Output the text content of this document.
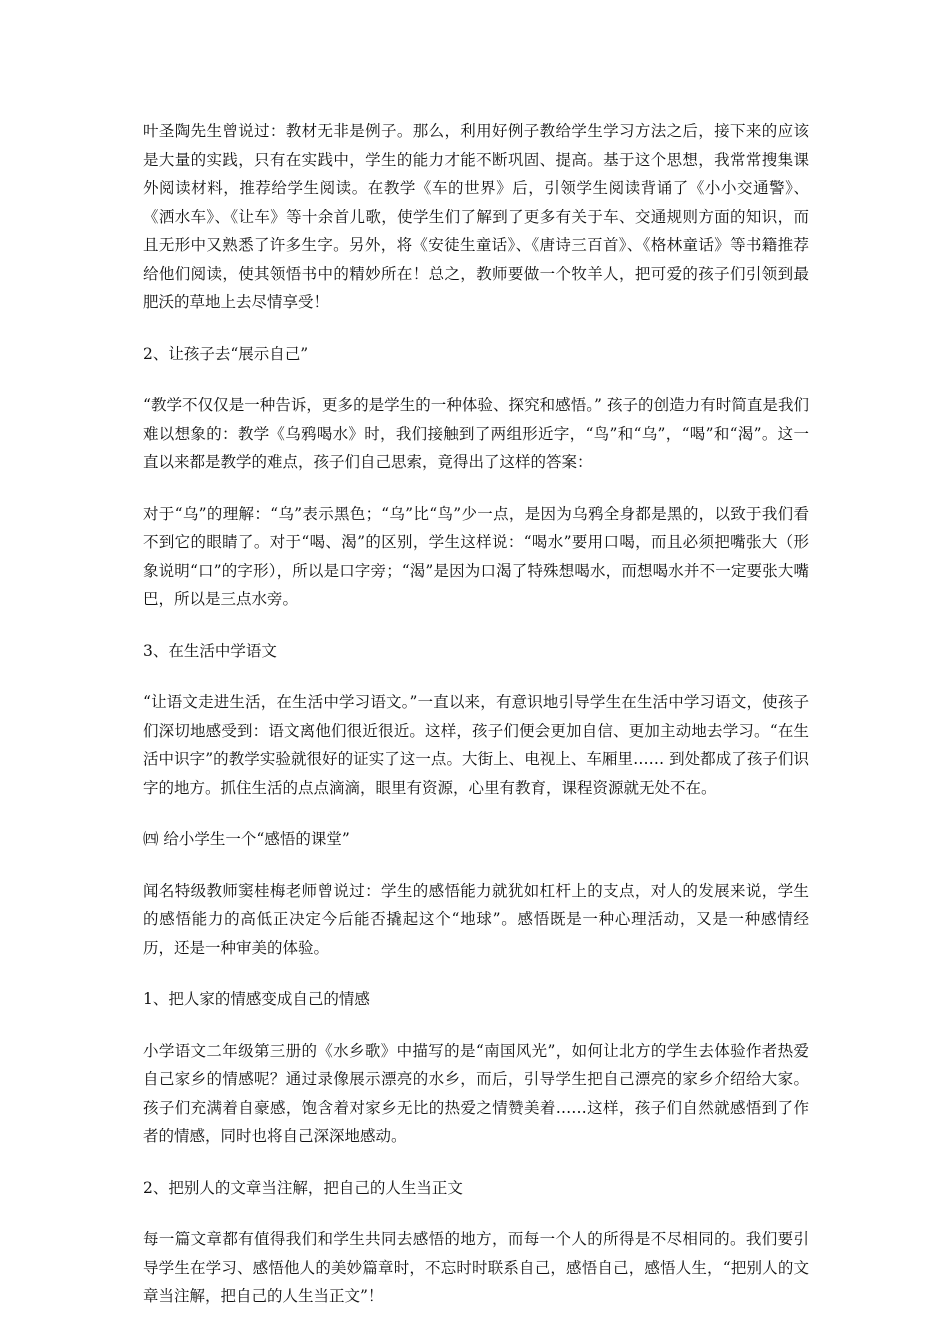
叶圣陶先生曾说过：教材无非是例子。那么，利用好例子教给学生学习方法之后，接下来的应该是大量的实践，只有在实践中，学生的能力才能不断巩固、提高。基于这个思想，我常常搜集课外阅读材料，推荐给学生阅读。在教学《车的世界》后，引领学生阅读背诵了《小小交通警》、《洒水车》、《让车》等十余首儿歌，使学生们了解到了更多有关于车、交通规则方面的知识，而且无形中又熟悉了许多生字。另外，将《安徒生童话》、《唐诗三百首》、《格林童话》等书籍推荐给他们阅读，使其领悟书中的精妙所在！总之，教师要做一个牧羊人，把可爱的孩子们引领到最肥沃的草地上去尽情享受！

2、让孩子去“展示自己”

“教学不仅仅是一种告诉，更多的是学生的一种体验、探究和感悟。” 孩子的创造力有时简直是我们难以想象的：教学《乌鸦喝水》时，我们接触到了两组形近字，“鸟”和“乌”，“喝”和“渴”。这一直以来都是教学的难点，孩子们自己思索，竟得出了这样的答案：

对于“乌”的理解：“乌”表示黑色；“乌”比“鸟”少一点，是因为乌鸦全身都是黑的，以致于我们看不到它的眼睛了。对于“喝、渴”的区别，学生这样说：“喝水”要用口喝，而且必须把嘴张大（形象说明“口”的字形），所以是口字旁；“渴”是因为口渴了特殊想喝水，而想喝水并不一定要张大嘴巴，所以是三点水旁。

3、在生活中学语文

“让语文走进生活，在生活中学习语文。”一直以来，有意识地引导学生在生活中学习语文，使孩子们深切地感受到：语文离他们很近很近。这样，孩子们便会更加自信、更加主动地去学习。“在生活中识字”的教学实验就很好的证实了这一点。大街上、电视上、车厢里…… 到处都成了孩子们识字的地方。抓住生活的点点滴滴，眼里有资源，心里有教育，课程资源就无处不在。

㈣ 给小学生一个“感悟的课堂”

闻名特级教师窦桂梅老师曾说过：学生的感悟能力就犹如杠杆上的支点，对人的发展来说，学生的感悟能力的高低正决定今后能否撬起这个“地球”。感悟既是一种心理活动，又是一种感情经历，还是一种审美的体验。

1、把人家的情感变成自己的情感

小学语文二年级第三册的《水乡歌》中描写的是“南国风光”，如何让北方的学生去体验作者热爱自己家乡的情感呢？通过录像展示漂亮的水乡，而后，引导学生把自己漂亮的家乡介绍给大家。孩子们充满着自豪感，饱含着对家乡无比的热爱之情赞美着……这样，孩子们自然就感悟到了作者的情感，同时也将自己深深地感动。

2、把别人的文章当注解，把自己的人生当正文

每一篇文章都有值得我们和学生共同去感悟的地方，而每一个人的所得是不尽相同的。我们要引导学生在学习、感悟他人的美妙篇章时，不忘时时联系自己，感悟自己，感悟人生，“把别人的文章当注解，把自己的人生当正文”！
